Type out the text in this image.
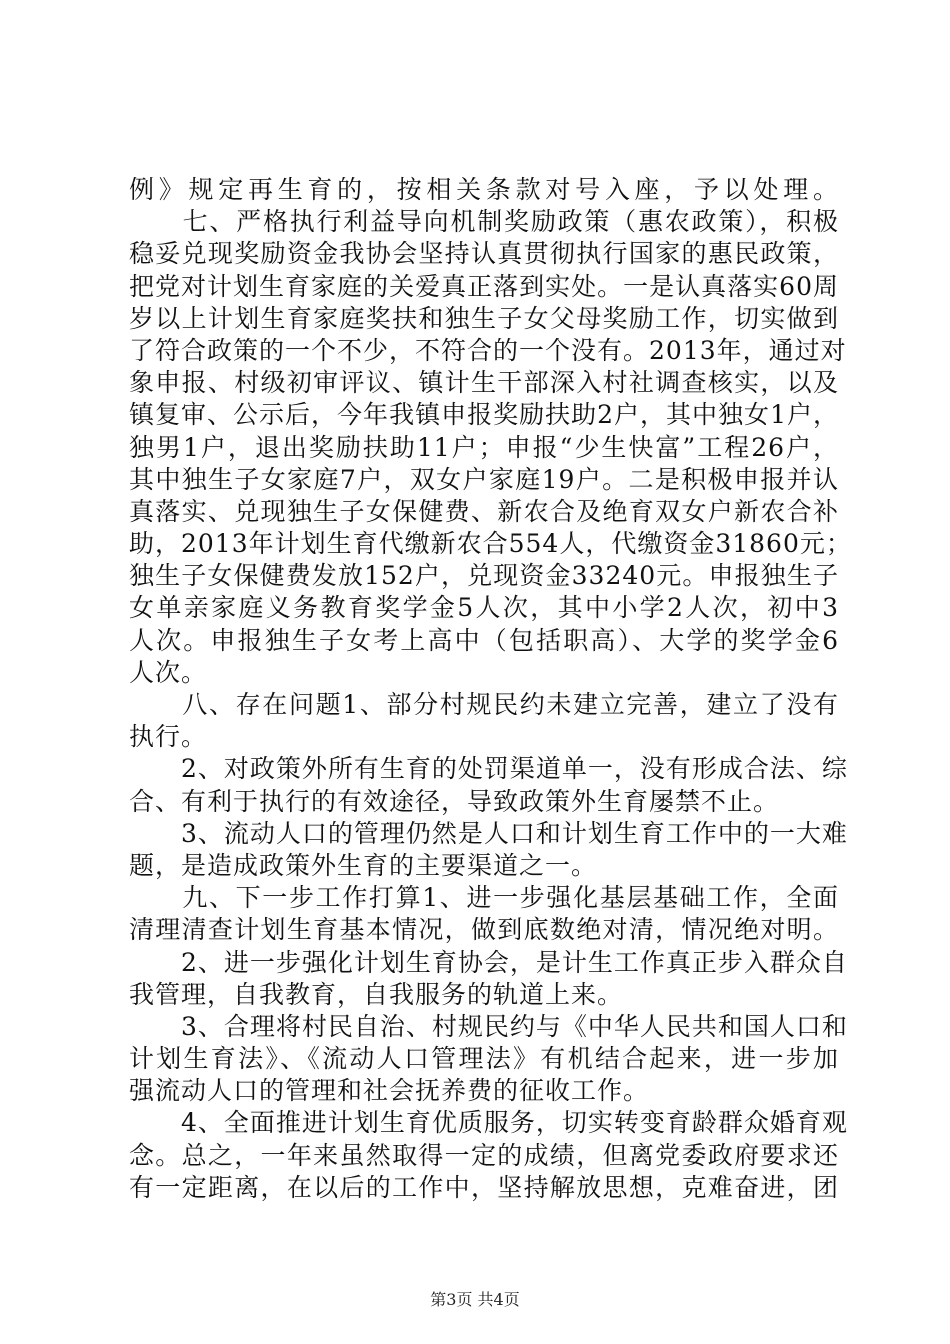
例》规定再生育的，按相关条款对号入座，予以处理。
　　七、严格执行利益导向机制奖励政策（惠农政策），积极
稳妥兑现奖励资金我协会坚持认真贯彻执行国家的惠民政策，
把党对计划生育家庭的关爱真正落到实处。一是认真落实60周
岁以上计划生育家庭奖扶和独生子女父母奖励工作，切实做到
了符合政策的一个不少，不符合的一个没有。2013年，通过对
象申报、村级初审评议、镇计生干部深入村社调查核实，以及
镇复审、公示后，今年我镇申报奖励扶助2户，其中独女1户，
独男1户，退出奖励扶助11户；申报“少生快富”工程26户，
其中独生子女家庭7户，双女户家庭19户。二是积极申报并认
真落实、兑现独生子女保健费、新农合及绝育双女户新农合补
助，2013年计划生育代缴新农合554人，代缴资金31860元；
独生子女保健费发放152户，兑现资金33240元。申报独生子
女单亲家庭义务教育奖学金5人次，其中小学2人次，初中3
人次。申报独生子女考上高中（包括职高）、大学的奖学金6
人次。
　　八、存在问题1、部分村规民约未建立完善，建立了没有
执行。
　　2、对政策外所有生育的处罚渠道单一，没有形成合法、综
合、有利于执行的有效途径，导致政策外生育屡禁不止。
　　3、流动人口的管理仍然是人口和计划生育工作中的一大难
题，是造成政策外生育的主要渠道之一。
　　九、下一步工作打算1、进一步强化基层基础工作，全面
清理清查计划生育基本情况，做到底数绝对清，情况绝对明。
　　2、进一步强化计划生育协会，是计生工作真正步入群众自
我管理，自我教育，自我服务的轨道上来。
　　3、合理将村民自治、村规民约与《中华人民共和国人口和
计划生育法》、《流动人口管理法》有机结合起来，进一步加
强流动人口的管理和社会抚养费的征收工作。
　　4、全面推进计划生育优质服务，切实转变育龄群众婚育观
念。总之，一年来虽然取得一定的成绩，但离党委政府要求还
有一定距离，在以后的工作中，坚持解放思想，克难奋进，团
第3页 共4页
